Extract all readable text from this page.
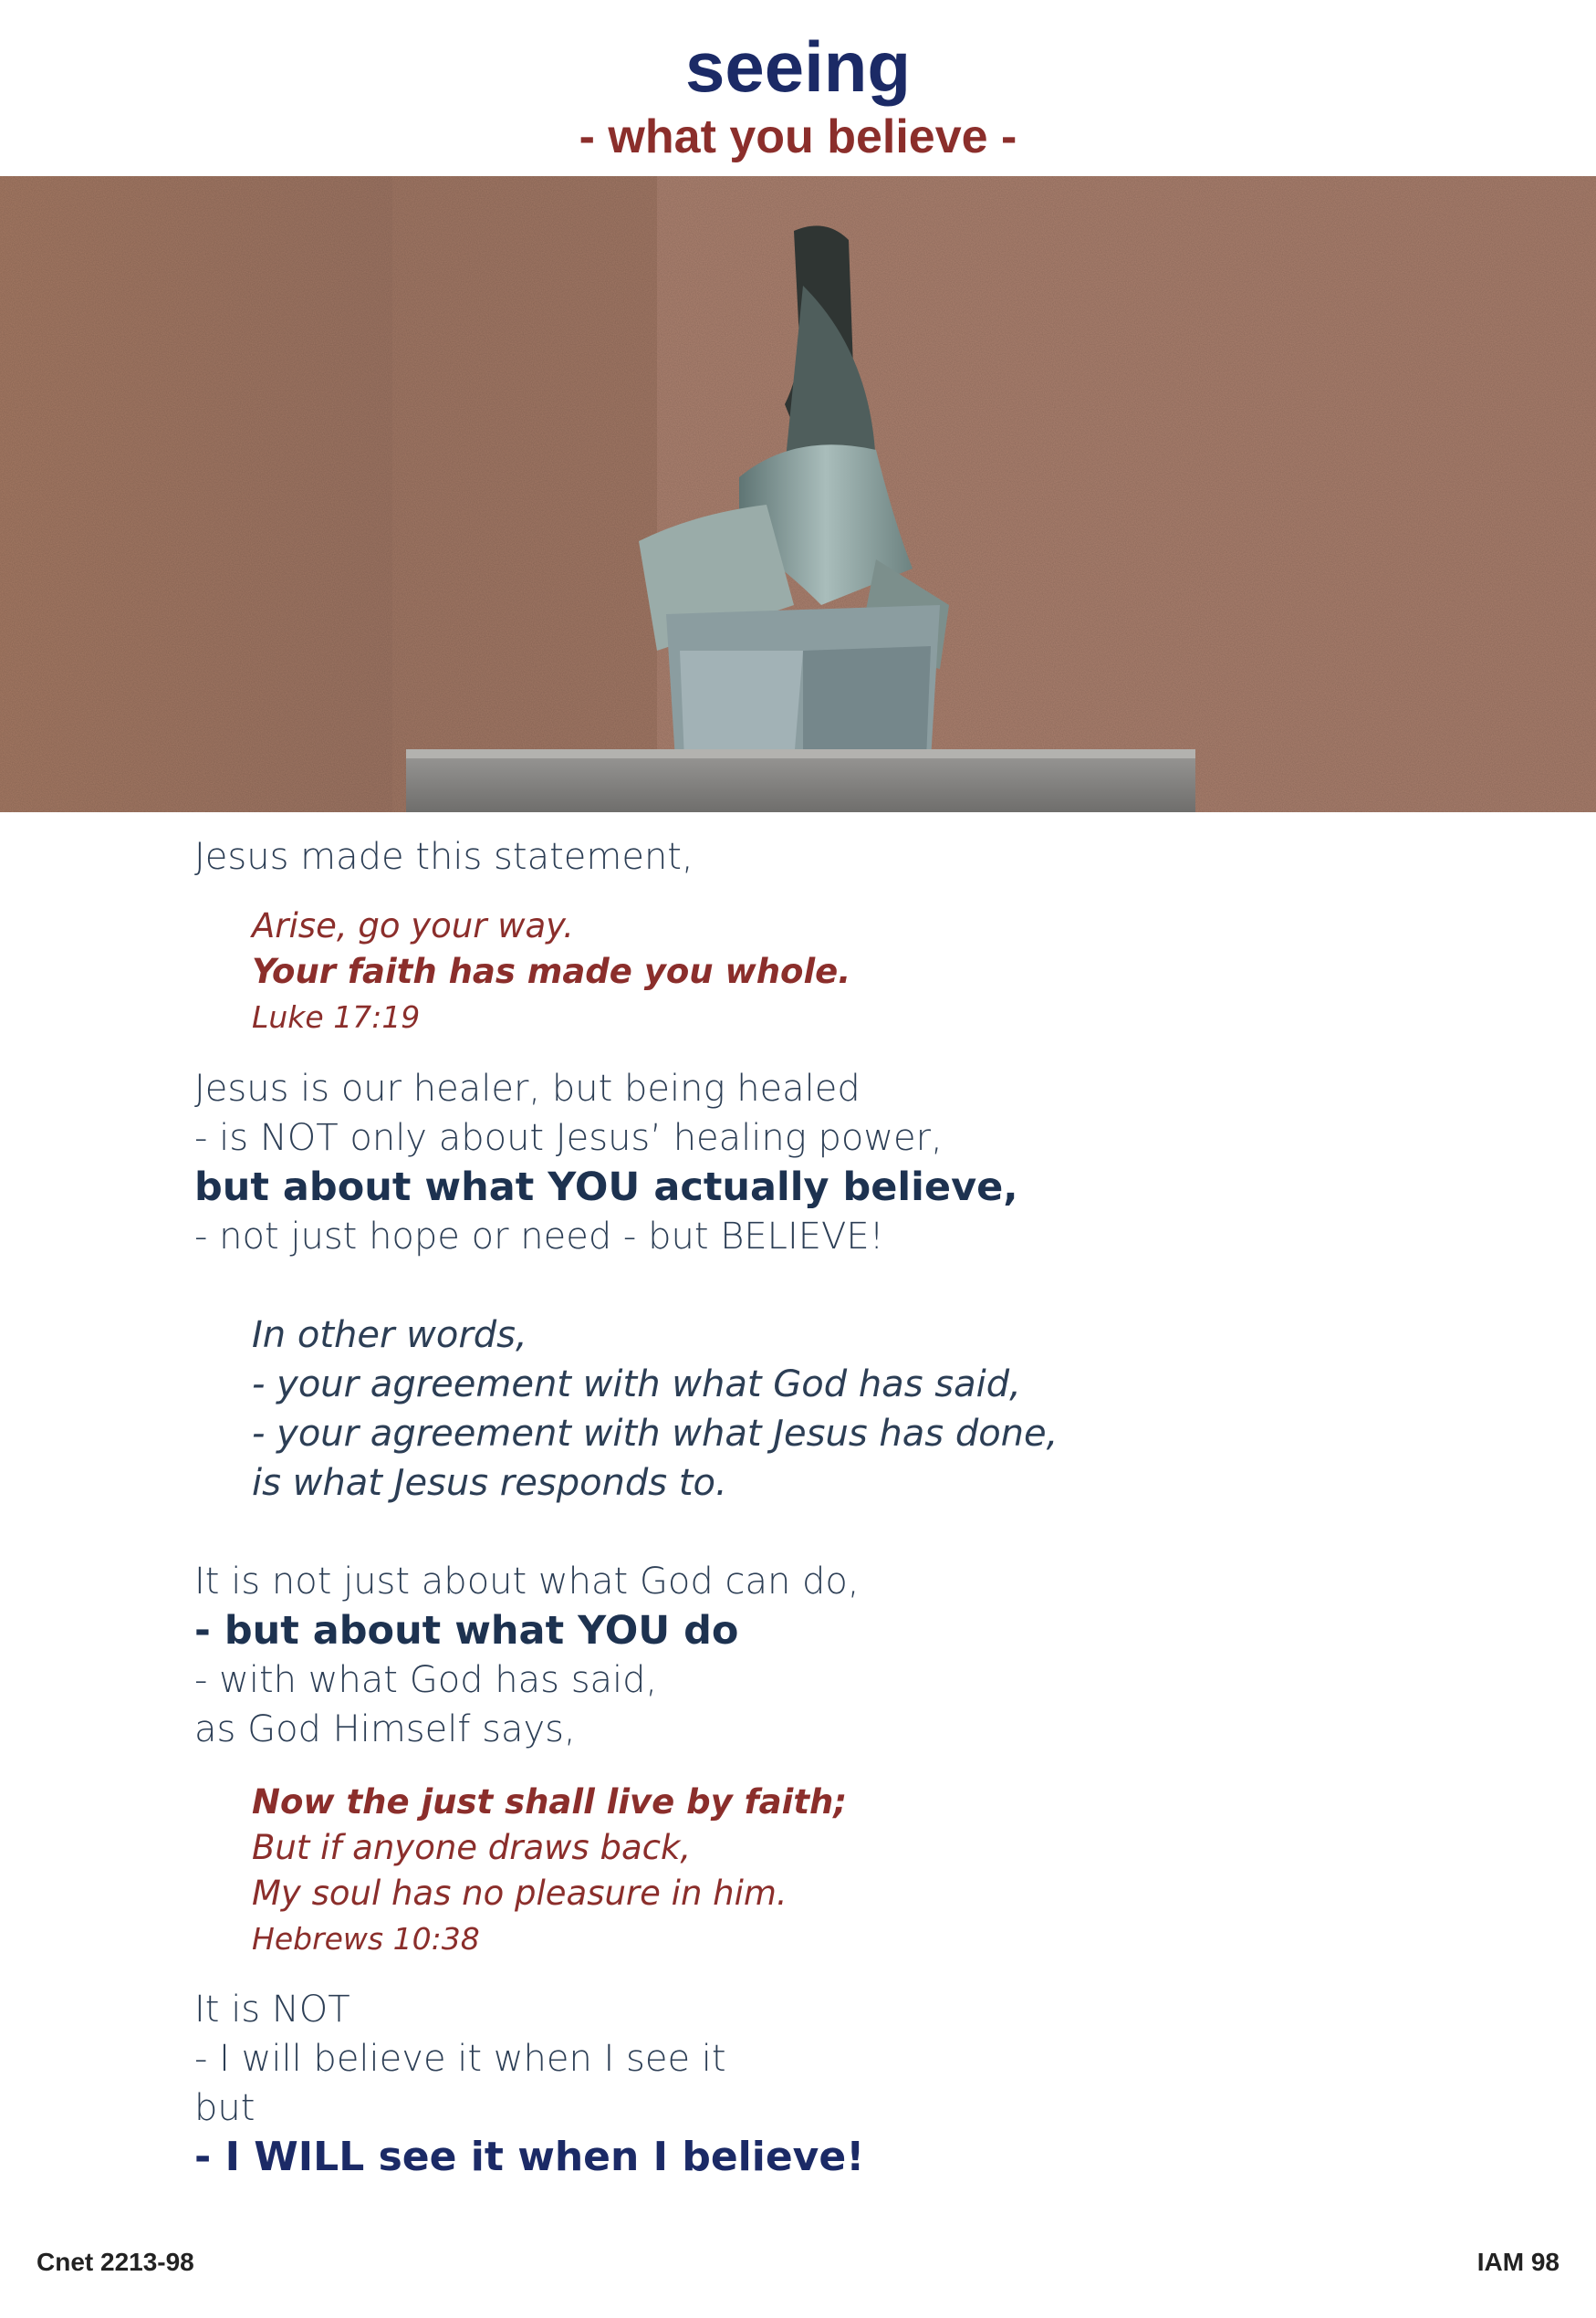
seeing
- what you believe -
Jesus made this statement,
Arise, go your way.
Your faith has made you whole.
Luke 17:19
Jesus is our healer, but being healed
- is NOT only about Jesus’ healing power,
but about what YOU actually believe,
- not just hope or need - but BELIEVE!
In other words,
- your agreement with what God has said,
- your agreement with what Jesus has done,
is what Jesus responds to.
It is not just about what God can do,
- but about what YOU do
- with what God has said,
as God Himself says,
Now the just shall live by faith;
But if anyone draws back,
My soul has no pleasure in him.
Hebrews 10:38
It is NOT
- I will believe it when I see it
but
- I WILL see it when I believe!
Cnet 2213-98	IAM 98
